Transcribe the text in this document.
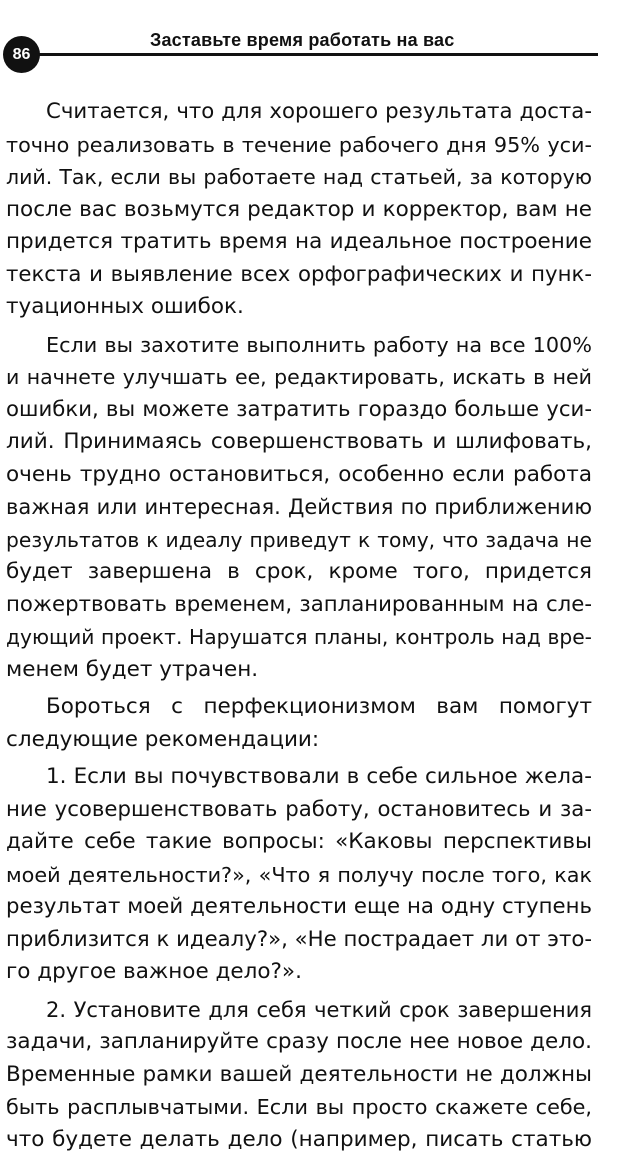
86
Заставьте время работать на вас

Считается, что для хорошего результата доста-
точно реализовать в течение рабочего дня 95% уси-
лий. Так, если вы работаете над статьей, за которую
после вас возьмутся редактор и корректор, вам не
придется тратить время на идеальное построение
текста и выявление всех орфографических и пунк-
туационных ошибок.

Если вы захотите выполнить работу на все 100%
и начнете улучшать ее, редактировать, искать в ней
ошибки, вы можете затратить гораздо больше уси-
лий. Принимаясь совершенствовать и шлифовать,
очень трудно остановиться, особенно если работа
важная или интересная. Действия по приближению
результатов к идеалу приведут к тому, что задача не
будет завершена в срок, кроме того, придется
пожертвовать временем, запланированным на сле-
дующий проект. Нарушатся планы, контроль над вре-
менем будет утрачен.

Бороться с перфекционизмом вам помогут
следующие рекомендации:

1. Если вы почувствовали в себе сильное жела-
ние усовершенствовать работу, остановитесь и за-
дайте себе такие вопросы: «Каковы перспективы
моей деятельности?», «Что я получу после того, как
результат моей деятельности еще на одну ступень
приблизится к идеалу?», «Не пострадает ли от это-
го другое важное дело?».

2. Установите для себя четкий срок завершения
задачи, запланируйте сразу после нее новое дело.
Временные рамки вашей деятельности не должны
быть расплывчатыми. Если вы просто скажете себе,
что будете делать дело (например, писать статью
